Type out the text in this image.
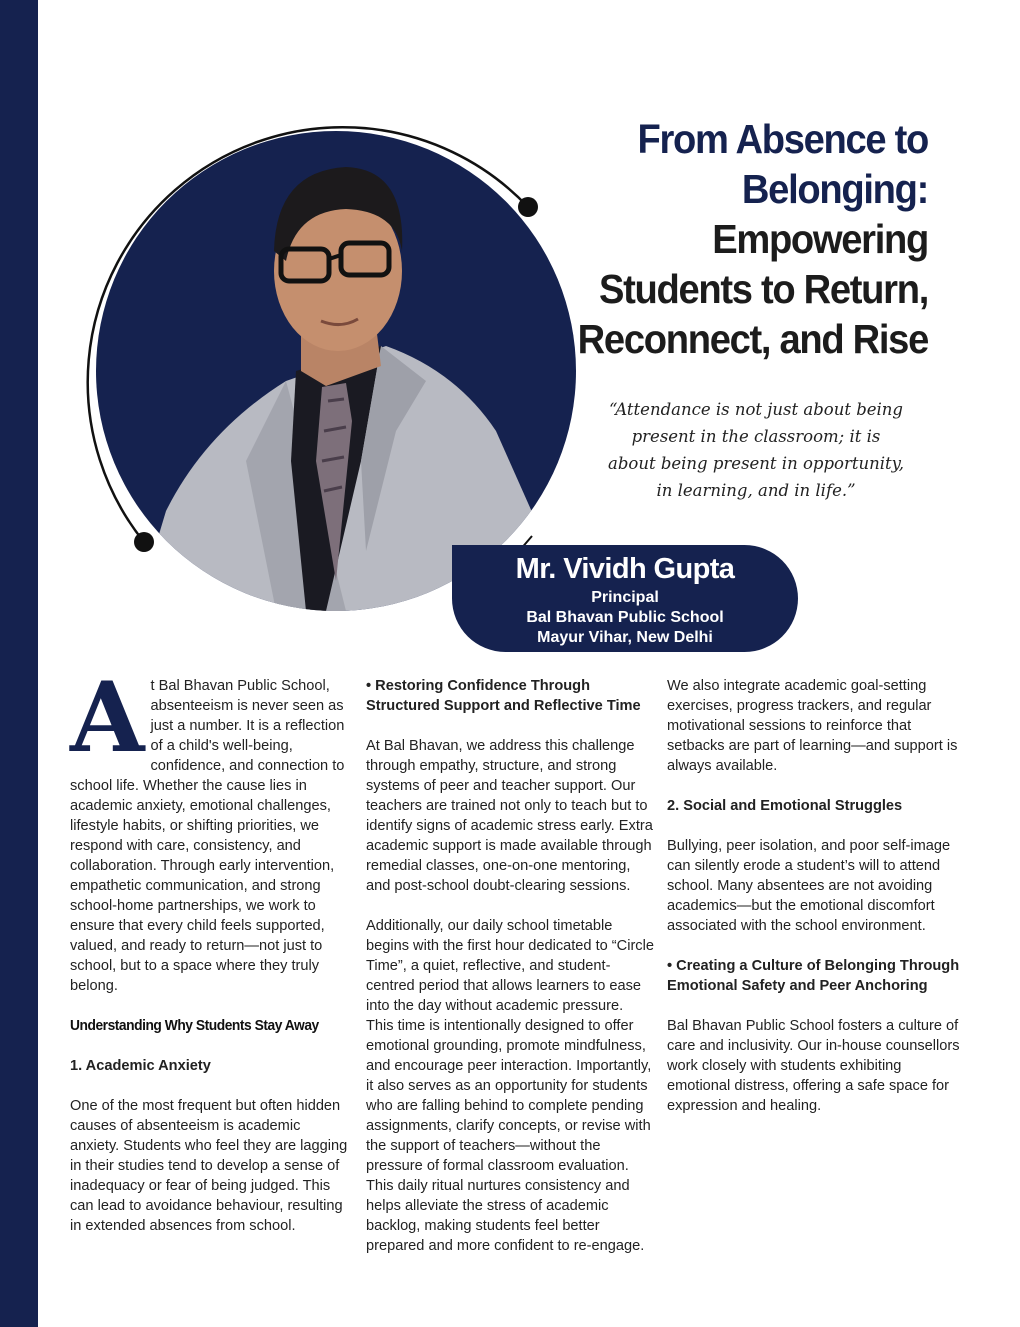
From Absence to
Belonging:
Empowering
Students to Return,
Reconnect, and Rise

“Attendance is not just about being present in the classroom; it is about being present in opportunity, in learning, and in life.”

Mr. Vividh Gupta
Principal
Bal Bhavan Public School
Mayur Vihar, New Delhi

At Bal Bhavan Public School, absenteeism is never seen as just a number. It is a reflection of a child's well-being, confidence, and connection to school life. Whether the cause lies in academic anxiety, emotional challenges, lifestyle habits, or shifting priorities, we respond with care, consistency, and collaboration. Through early intervention, empathetic communication, and strong school-home partnerships, we work to ensure that every child feels supported, valued, and ready to return—not just to school, but to a space where they truly belong.

Understanding Why Students Stay Away

1. Academic Anxiety

One of the most frequent but often hidden causes of absenteeism is academic anxiety. Students who feel they are lagging in their studies tend to develop a sense of inadequacy or fear of being judged. This can lead to avoidance behaviour, resulting in extended absences from school.

• Restoring Confidence Through Structured Support and Reflective Time

At Bal Bhavan, we address this challenge through empathy, structure, and strong systems of peer and teacher support. Our teachers are trained not only to teach but to identify signs of academic stress early. Extra academic support is made available through remedial classes, one-on-one mentoring, and post-school doubt-clearing sessions.

Additionally, our daily school timetable begins with the first hour dedicated to “Circle Time”, a quiet, reflective, and student-centred period that allows learners to ease into the day without academic pressure. This time is intentionally designed to offer emotional grounding, promote mindfulness, and encourage peer interaction. Importantly, it also serves as an opportunity for students who are falling behind to complete pending assignments, clarify concepts, or revise with the support of teachers—without the pressure of formal classroom evaluation. This daily ritual nurtures consistency and helps alleviate the stress of academic backlog, making students feel better prepared and more confident to re-engage.

We also integrate academic goal-setting exercises, progress trackers, and regular motivational sessions to reinforce that setbacks are part of learning—and support is always available.

2. Social and Emotional Struggles

Bullying, peer isolation, and poor self-image can silently erode a student’s will to attend school. Many absentees are not avoiding academics—but the emotional discomfort associated with the school environment.

• Creating a Culture of Belonging Through Emotional Safety and Peer Anchoring

Bal Bhavan Public School fosters a culture of care and inclusivity. Our in-house counsellors work closely with students exhibiting emotional distress, offering a safe space for expression and healing.
